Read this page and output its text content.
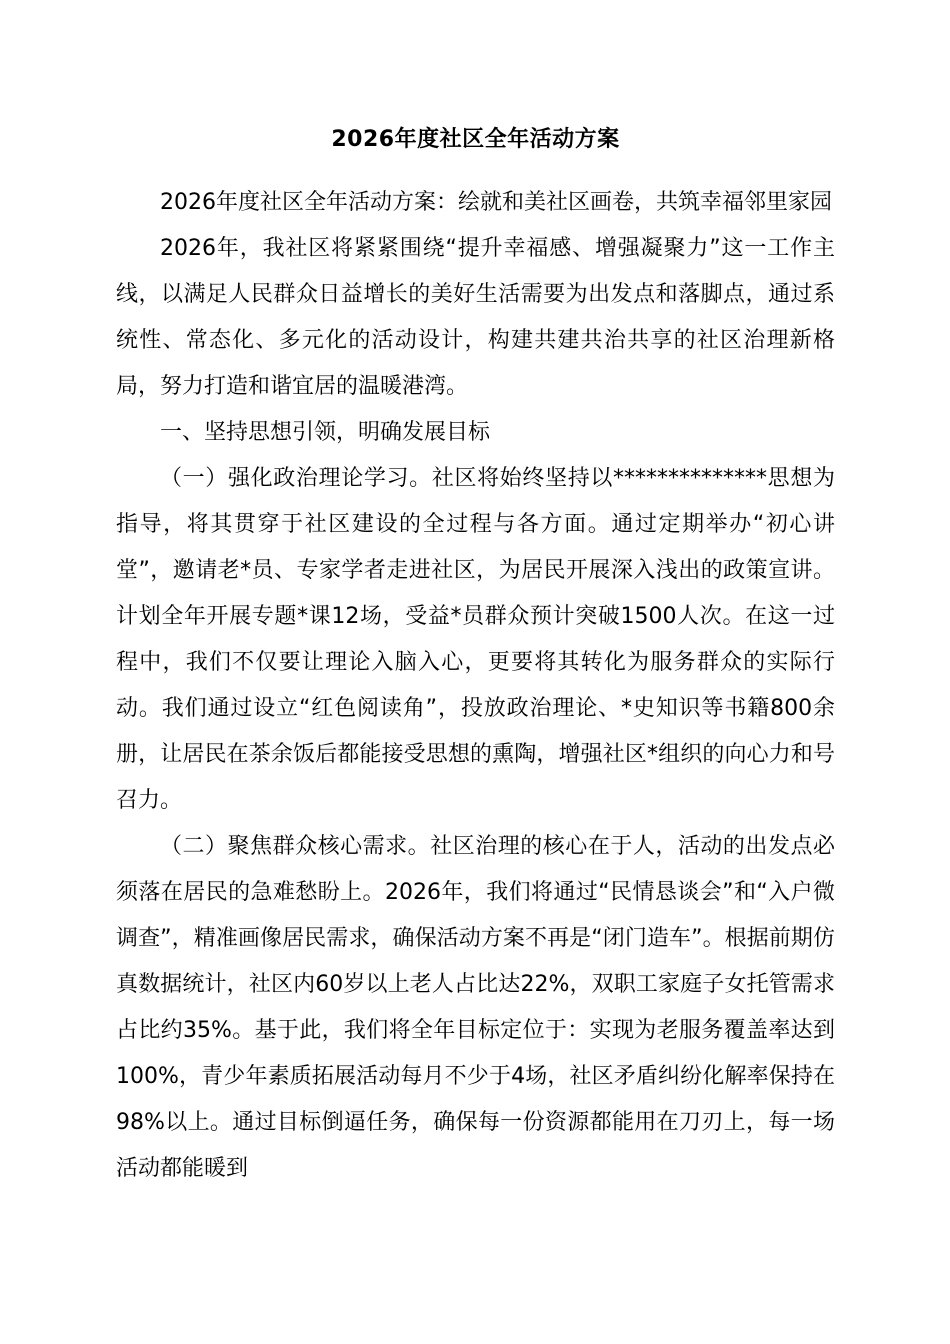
2026年度社区全年活动方案

2026年度社区全年活动方案：绘就和美社区画卷，共筑幸福邻里家园

2026年，我社区将紧紧围绕“提升幸福感、增强凝聚力”这一工作主线，以满足人民群众日益增长的美好生活需要为出发点和落脚点，通过系统性、常态化、多元化的活动设计，构建共建共治共享的社区治理新格局，努力打造和谐宜居的温暖港湾。

一、坚持思想引领，明确发展目标

（一）强化政治理论学习。社区将始终坚持以**************思想为指导，将其贯穿于社区建设的全过程与各方面。通过定期举办“初心讲堂”，邀请老*员、专家学者走进社区，为居民开展深入浅出的政策宣讲。计划全年开展专题*课12场，受益*员群众预计突破1500人次。在这一过程中，我们不仅要让理论入脑入心，更要将其转化为服务群众的实际行动。我们通过设立“红色阅读角”，投放政治理论、*史知识等书籍800余册，让居民在茶余饭后都能接受思想的熏陶，增强社区*组织的向心力和号召力。

（二）聚焦群众核心需求。社区治理的核心在于人，活动的出发点必须落在居民的急难愁盼上。2026年，我们将通过“民情恳谈会”和“入户微调查”，精准画像居民需求，确保活动方案不再是“闭门造车”。根据前期仿真数据统计，社区内60岁以上老人占比达22%，双职工家庭子女托管需求占比约35%。基于此，我们将全年目标定位于：实现为老服务覆盖率达到100%，青少年素质拓展活动每月不少于4场，社区矛盾纠纷化解率保持在98%以上。通过目标倒逼任务，确保每一份资源都能用在刀刃上，每一场活动都能暖到
